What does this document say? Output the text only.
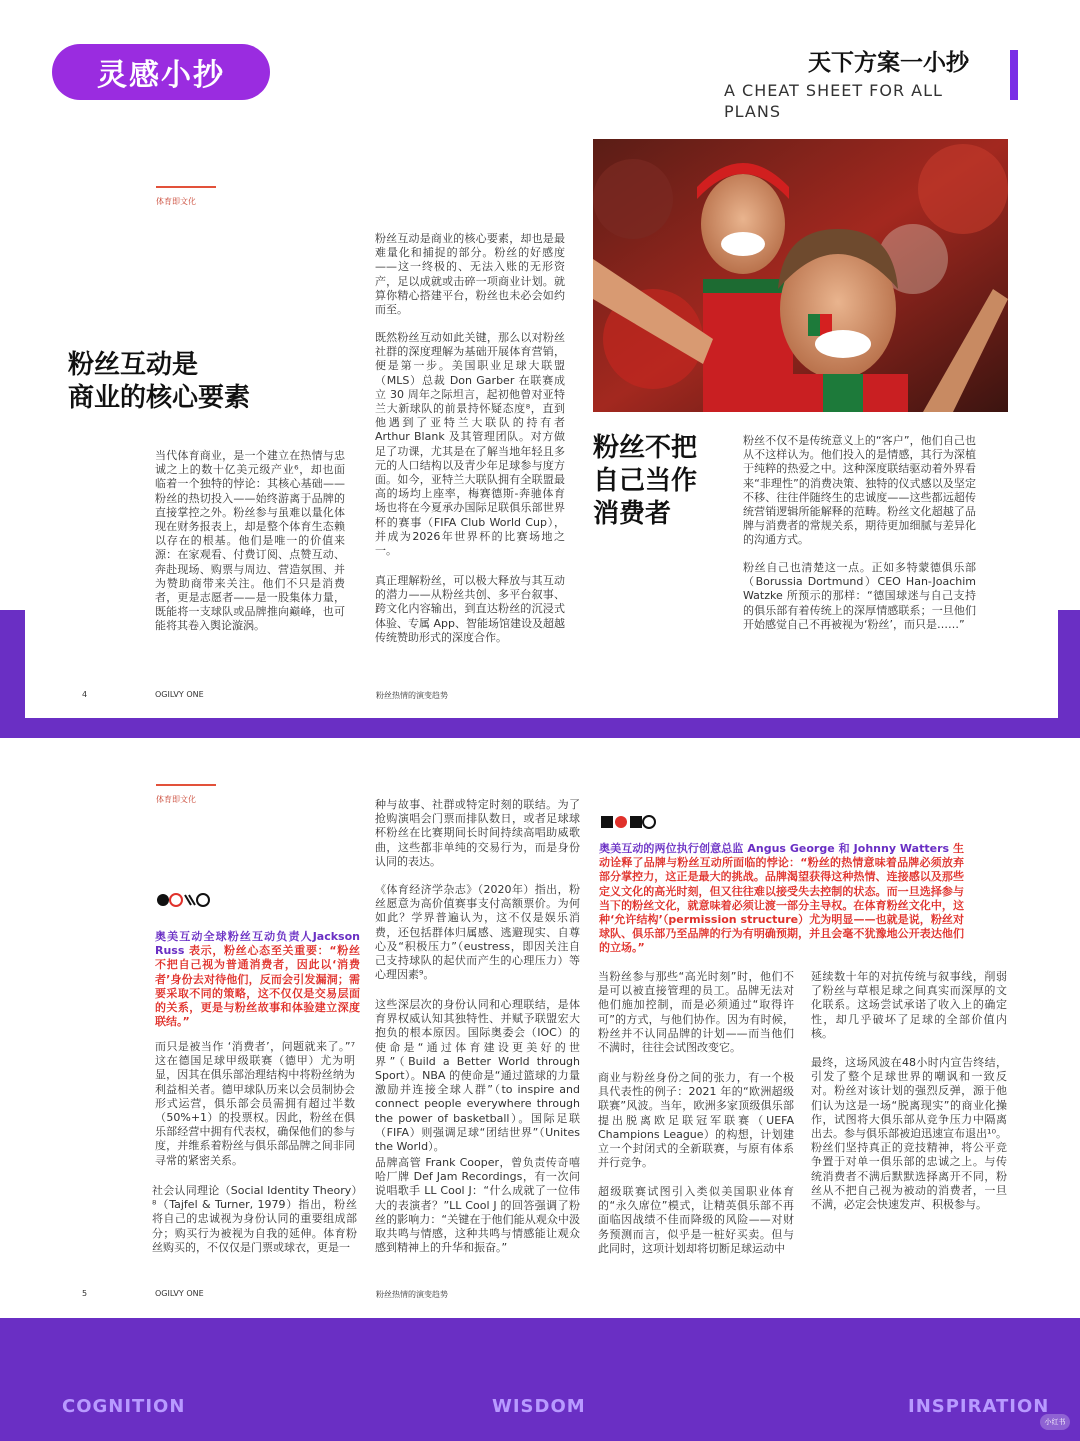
灵感小抄	天下方案一小抄
A CHEAT SHEET FOR ALL PLANS
体育即文化
粉丝互动是
商业的核心要素
当代体育商业，是一个建立在热情与忠诚之上的数十亿美元级产业⁶，却也面临着一个独特的悖论：其核心基础——粉丝的热切投入——始终游离于品牌的直接掌控之外。粉丝参与虽难以量化体现在财务报表上，却是整个体育生态赖以存在的根基。他们是唯一的价值来源：在家观看、付费订阅、点赞互动、奔赴现场、购票与周边、营造氛围、并为赞助商带来关注。他们不只是消费者，更是志愿者——是一股集体力量，既能将一支球队或品牌推向巅峰，也可能将其卷入舆论漩涡。
粉丝互动是商业的核心要素，却也是最难量化和捕捉的部分。粉丝的好感度——这一终极的、无法入账的无形资产，足以成就或击碎一项商业计划。就算你精心搭建平台，粉丝也未必会如约而至。
既然粉丝互动如此关键，那么以对粉丝社群的深度理解为基础开展体育营销，便是第一步。美国职业足球大联盟（MLS）总裁 Don Garber 在联赛成立 30 周年之际坦言，起初他曾对亚特兰大新球队的前景持怀疑态度⁸，直到他遇到了亚特兰大联队的持有者 Arthur Blank 及其管理团队。对方做足了功课，尤其是在了解当地年轻且多元的人口结构以及青少年足球参与度方面。如今，亚特兰大联队拥有全联盟最高的场均上座率，梅赛德斯-奔驰体育场也将在今夏承办国际足联俱乐部世界杯的赛事（FIFA Club World Cup），并成为2026年世界杯的比赛场地之一。
真正理解粉丝，可以极大释放与其互动的潜力——从粉丝共创、多平台叙事、跨文化内容输出，到直达粉丝的沉浸式体验、专属 App、智能场馆建设及超越传统赞助形式的深度合作。
粉丝不把
自己当作
消费者
粉丝不仅不是传统意义上的“客户”，他们自己也从不这样认为。他们投入的是情感，其行为深植于纯粹的热爱之中。这种深度联结驱动着外界看来“非理性”的消费决策、独特的仪式感以及坚定不移、往往伴随终生的忠诚度——这些都远超传统营销逻辑所能解释的范畴。粉丝文化超越了品牌与消费者的常规关系，期待更加细腻与差异化的沟通方式。
粉丝自己也清楚这一点。正如多特蒙德俱乐部（Borussia Dortmund）CEO Han-Joachim Watzke 所预示的那样：“德国球迷与自己支持的俱乐部有着传统上的深厚情感联系；一旦他们开始感觉自己不再被视为‘粉丝’，而只是……”
4	OGILVY ONE	粉丝热情的演变趋势
体育即文化
奥美互动全球粉丝互动负责人Jackson Russ 表示，粉丝心态至关重要：“粉丝不把自己视为普通消费者，因此以‘消费者’身份去对待他们，反而会引发漏洞；需要采取不同的策略，这不仅仅是交易层面的关系，更是与粉丝故事和体验建立深度联结。”
而只是被当作 ‘消费者’，问题就来了。”⁷这在德国足球甲级联赛（德甲）尤为明显，因其在俱乐部治理结构中将粉丝纳为利益相关者。德甲球队历来以会员制协会形式运营，俱乐部会员需拥有超过半数（50%+1）的投票权。因此，粉丝在俱乐部经营中拥有代表权，确保他们的参与度，并维系着粉丝与俱乐部品牌之间非同寻常的紧密关系。
社会认同理论（Social Identity Theory）⁸（Tajfel & Turner, 1979）指出，粉丝将自己的忠诚视为身份认同的重要组成部分；购买行为被视为自我的延伸。体育粉丝购买的，不仅仅是门票或球衣，更是一
种与故事、社群或特定时刻的联结。为了抢购演唱会门票而排队数日，或者足球球杯粉丝在比赛期间长时间持续高唱助威歌曲，这些都非单纯的交易行为，而是身份认同的表达。
《体育经济学杂志》（2020年）指出，粉丝愿意为高价值赛事支付高额票价。为何如此？学界普遍认为，这不仅是娱乐消费，还包括群体归属感、逃避现实、自尊心及“积极压力”（eustress，即因关注自己支持球队的起伏而产生的心理压力）等心理因素⁹。
这些深层次的身份认同和心理联结，是体育界权威认知其独特性、并赋予联盟宏大抱负的根本原因。国际奥委会（IOC）的使命是“通过体育建设更美好的世界”（Build a Better World through Sport）。NBA 的使命是“通过篮球的力量激励并连接全球人群”（to inspire and connect people everywhere through the power of basketball）。国际足联（FIFA）则强调足球“团结世界”（Unites the World）。
品牌高管 Frank Cooper，曾负责传奇嘻哈厂牌 Def Jam Recordings，有一次问说唱歌手 LL Cool J：“什么成就了一位伟大的表演者？”LL Cool J 的回答强调了粉丝的影响力：“关键在于他们能从观众中汲取共鸣与情感，这种共鸣与情感能让观众感到精神上的升华和振奋。”
奥美互动的两位执行创意总监 Angus George 和 Johnny Watters 生动诠释了品牌与粉丝互动所面临的悖论：“粉丝的热情意味着品牌必须放弃部分掌控力，这正是最大的挑战。品牌渴望获得这种热情、连接感以及那些定义文化的高光时刻，但又往往难以接受失去控制的状态。而一旦选择参与当下的粉丝文化，就意味着必须让渡一部分主导权。在体育粉丝文化中，这种‘允许结构’（permission structure）尤为明显——也就是说，粉丝对球队、俱乐部乃至品牌的行为有明确预期，并且会毫不犹豫地公开表达他们的立场。”
当粉丝参与那些“高光时刻”时，他们不是可以被直接管理的员工。品牌无法对他们施加控制，而是必须通过“取得许可”的方式，与他们协作。因为有时候，粉丝并不认同品牌的计划——而当他们不满时，往往会试图改变它。
商业与粉丝身份之间的张力，有一个极具代表性的例子：2021 年的“欧洲超级联赛”风波。当年，欧洲多家顶级俱乐部提出脱离欧足联冠军联赛（UEFA Champions League）的构想，计划建立一个封闭式的全新联赛，与原有体系并行竞争。
超级联赛试图引入类似美国职业体育的“永久席位”模式，让精英俱乐部不再面临因战绩不佳而降级的风险——对财务预测而言，似乎是一桩好买卖。但与此同时，这项计划却将切断足球运动中
延续数十年的对抗传统与叙事线，削弱了粉丝与草根足球之间真实而深厚的文化联系。这场尝试承诺了收入上的确定性，却几乎破坏了足球的全部价值内核。
最终，这场风波在48小时内宣告终结，引发了整个足球世界的嘲讽和一致反对。粉丝对该计划的强烈反弹，源于他们认为这是一场“脱离现实”的商业化操作，试图将大俱乐部从竞争压力中隔离出去。参与俱乐部被迫迅速宣布退出¹⁰。粉丝们坚持真正的竞技精神，将公平竞争置于对单一俱乐部的忠诚之上。与传统消费者不满后默默选择离开不同，粉丝从不把自己视为被动的消费者，一旦不满，必定会快速发声、积极参与。
5	OGILVY ONE	粉丝热情的演变趋势
COGNITION	WISDOM	INSPIRATION
小红书
